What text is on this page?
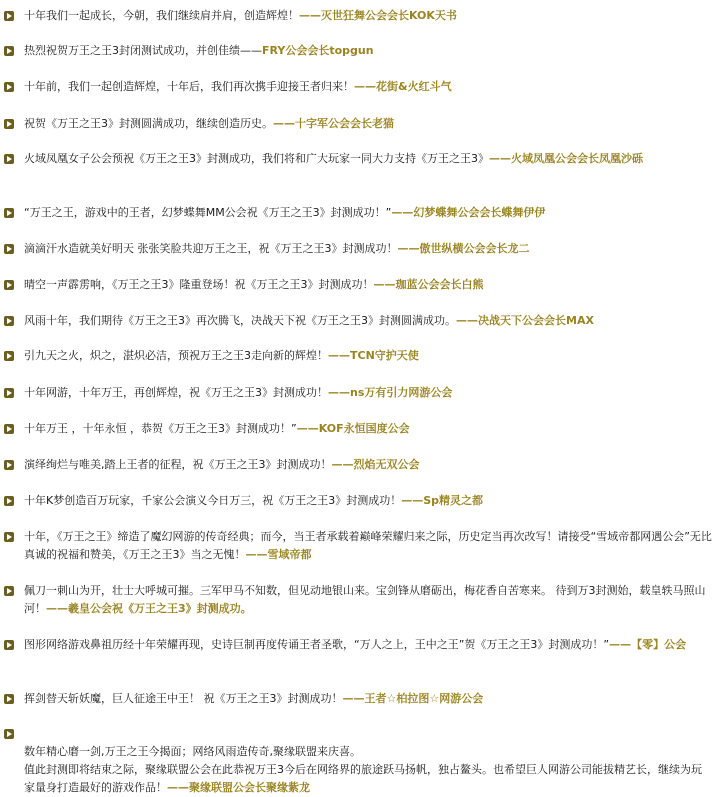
十年我们一起成长，今朝，我们继续肩并肩，创造辉煌！——灭世狂舞公会会长KOK天书
热烈祝贺万王之王3封闭测试成功，并创佳绩——FRY公会会长topgun
十年前，我们一起创造辉煌，十年后，我们再次携手迎接王者归来！——花街&火红斗气
祝贺《万王之王3》封测圆满成功，继续创造历史。——十字军公会会长老猫
火域凤凰女子公会预祝《万王之王3》封测成功，我们将和广大玩家一同大力支持《万王之王3》——火域凤凰公会会长凤凰沙砾
“万王之王，游戏中的王者，幻梦蝶舞MM公会祝《万王之王3》封测成功！”——幻梦蝶舞公会会长蝶舞伊伊
滴滴汗水造就美好明天 张张笑脸共迎万王之王，祝《万王之王3》封测成功！——傲世纵横公会会长龙二
晴空一声霹雳响，《万王之王3》隆重登场！祝《万王之王3》封测成功！——珈蓝公会会长白熊
风雨十年，我们期待《万王之王3》再次腾飞，决战天下祝《万王之王3》封测圆满成功。——决战天下公会会长MAX
引九天之火，炽之，湛炽必洁，预祝万王之王3走向新的辉煌！——TCN守护天使
十年网游，十年万王，再创辉煌，祝《万王之王3》封测成功！——ns万有引力网游公会
十年万王 ，十年永恒 ，恭贺《万王之王3》封测成功！”——KOF永恒国度公会
演绎绚烂与唯美,踏上王者的征程，祝《万王之王3》封测成功！——烈焰无双公会
十年K梦创造百万玩家，千家公会演义今日万三，祝《万王之王3》封测成功！——Sp精灵之都
十年，《万王之王》缔造了魔幻网游的传奇经典；而今，当王者承载着巅峰荣耀归来之际，历史定当再次改写！请接受“雪域帝都网遇公会”无比真诚的祝福和赞美，《万王之王3》当之无愧！——雪域帝都
佩刀一刺山为开，壮士大呼城可摧。三军甲马不知数，但见动地银山来。宝剑锋从磨砺出，梅花香自苦寒来。 待到万3封测始，载皇轶马照山河！——羲皇公会祝《万王之王3》封测成功。
图形网络游戏鼻祖历经十年荣耀再现，史诗巨制再度传诵王者圣歌，“万人之上，王中之王”贺《万王之王3》封测成功！”——【零】公会
挥剑替天斩妖魔，巨人征途王中王！ 祝《万王之王3》封测成功！——王者☆柏拉图☆网游公会

数年精心磨一剑,万王之王今揭面；网络风雨造传奇,聚缘联盟来庆喜。
值此封测即将结束之际，聚缘联盟公会在此恭祝万王3今后在网络界的旅途跃马扬帆，独占鳌头。也希望巨人网游公司能拔精艺长，继续为玩家量身打造最好的游戏作品！——聚缘联盟公会长聚缘紫龙
